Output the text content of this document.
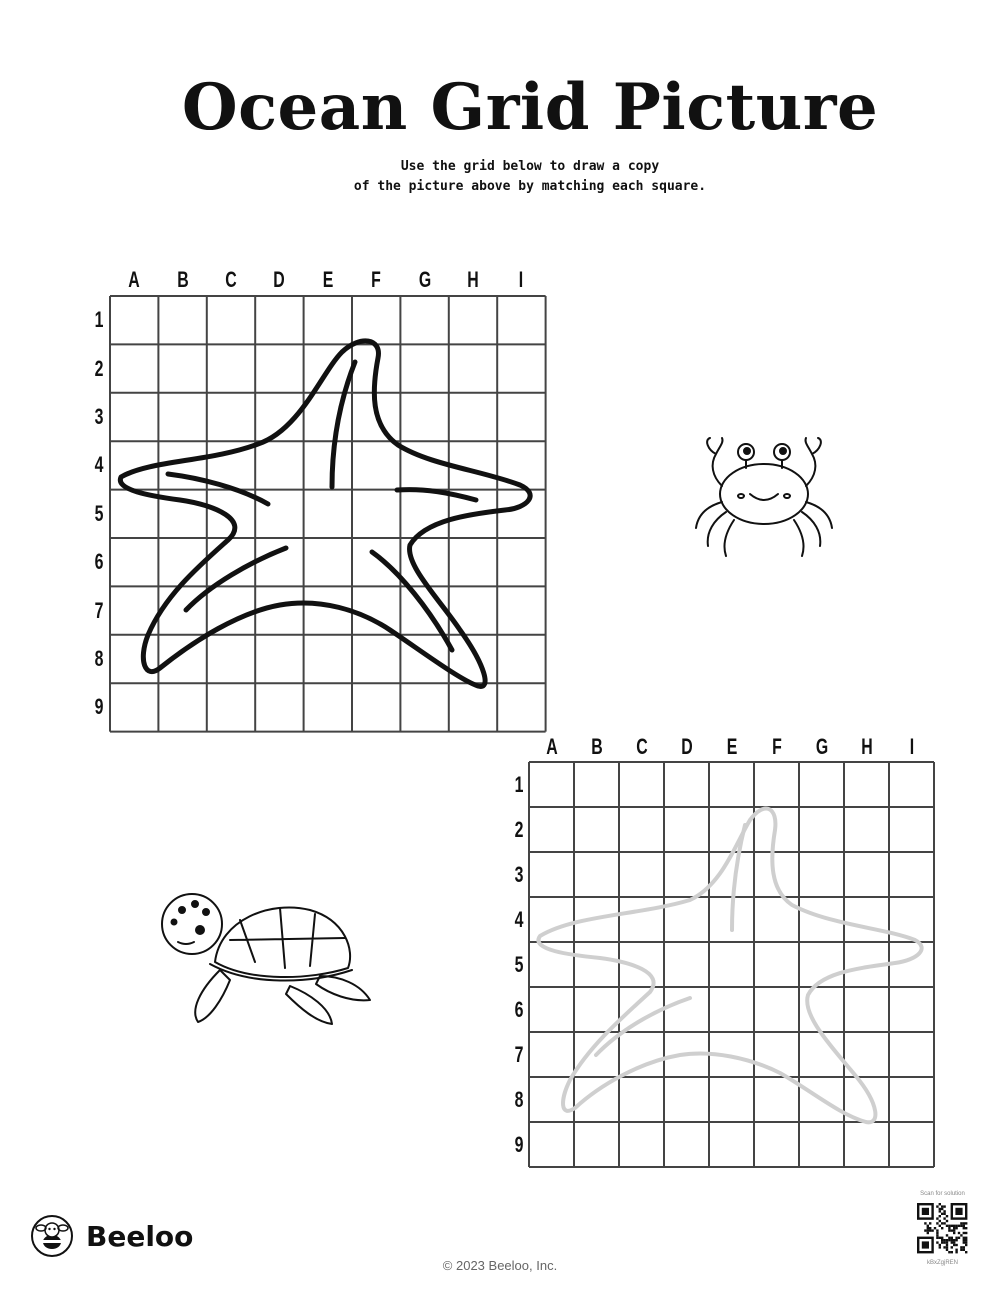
Ocean Grid Picture
Use the grid below to draw a copy
of the picture above by matching each square.
A B C D E F G H	I
1
2
3
4
5
6
7
8
9
A B C D E F G H	I
1
2
3
4
5
6
7
8
9
Beeloo
© 2023 Beeloo, Inc.
Scan for solution
kBxZgjREN
